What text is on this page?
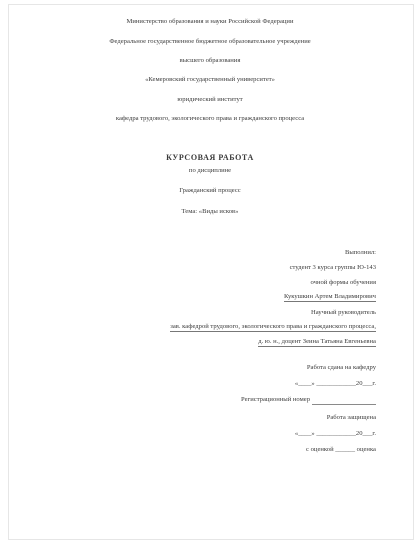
Министерство образования и науки Российской Федерации
Федеральное государственное бюджетное образовательное учреждение
высшего образования
«Кемеровский государственный университет»
юридический институт
кафедра трудового, экологического права и гражданского процесса
КУРСОВАЯ РАБОТА
по дисциплине
Гражданский процесс
Тема: «Виды исков»
Выполнил:
студент 3 курса группы Ю-143
очной формы обучения
Кукушкин Артем Владимирович
Научный руководитель
зав. кафедрой трудового, экологического права и гражданского процесса,
д. ю. н., доцент Зеина Татьяна Евгеньевна
Работа сдана на кафедру
«____» ____________20___г.
Регистрационный номер
Работа защищена
«____» ____________20___г.
с оценкой ______ оценка
